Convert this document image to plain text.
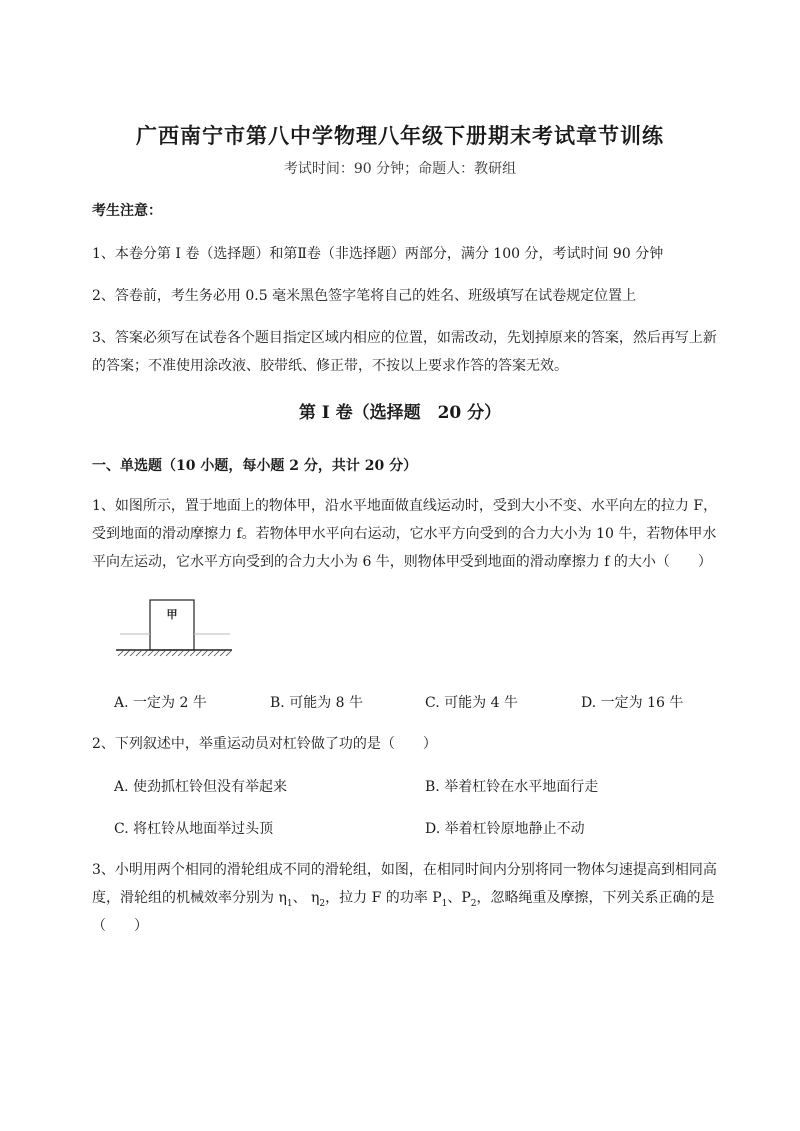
广西南宁市第八中学物理八年级下册期末考试章节训练
考试时间：90 分钟；命题人：教研组
考生注意：
1、本卷分第 I 卷（选择题）和第Ⅱ卷（非选择题）两部分，满分 100 分，考试时间 90 分钟
2、答卷前，考生务必用 0.5 毫米黑色签字笔将自己的姓名、班级填写在试卷规定位置上
3、答案必须写在试卷各个题目指定区域内相应的位置，如需改动，先划掉原来的答案，然后再写上新
的答案；不准使用涂改液、胶带纸、修正带，不按以上要求作答的答案无效。
第 I 卷（选择题　20 分）
一、单选题（10 小题，每小题 2 分，共计 20 分）
1、如图所示，置于地面上的物体甲，沿水平地面做直线运动时，受到大小不变、水平向左的拉力 F，
受到地面的滑动摩擦力 f。若物体甲水平向右运动，它水平方向受到的合力大小为 10 牛，若物体甲水
平向左运动，它水平方向受到的合力大小为 6 牛，则物体甲受到地面的滑动摩擦力 f 的大小（　　）
甲
A. 一定为 2 牛	B. 可能为 8 牛	C. 可能为 4 牛	D. 一定为 16 牛
2、下列叙述中，举重运动员对杠铃做了功的是（　　）
A. 使劲抓杠铃但没有举起来	B. 举着杠铃在水平地面行走
C. 将杠铃从地面举过头顶	D. 举着杠铃原地静止不动
3、小明用两个相同的滑轮组成不同的滑轮组，如图，在相同时间内分别将同一物体匀速提高到相同高
度，滑轮组的机械效率分别为 $\eta_1$、 $\eta_2$，拉力 F 的功率 $P_1$、$P_2$，忽略绳重及摩擦，下列关系正确的是
（　　）
